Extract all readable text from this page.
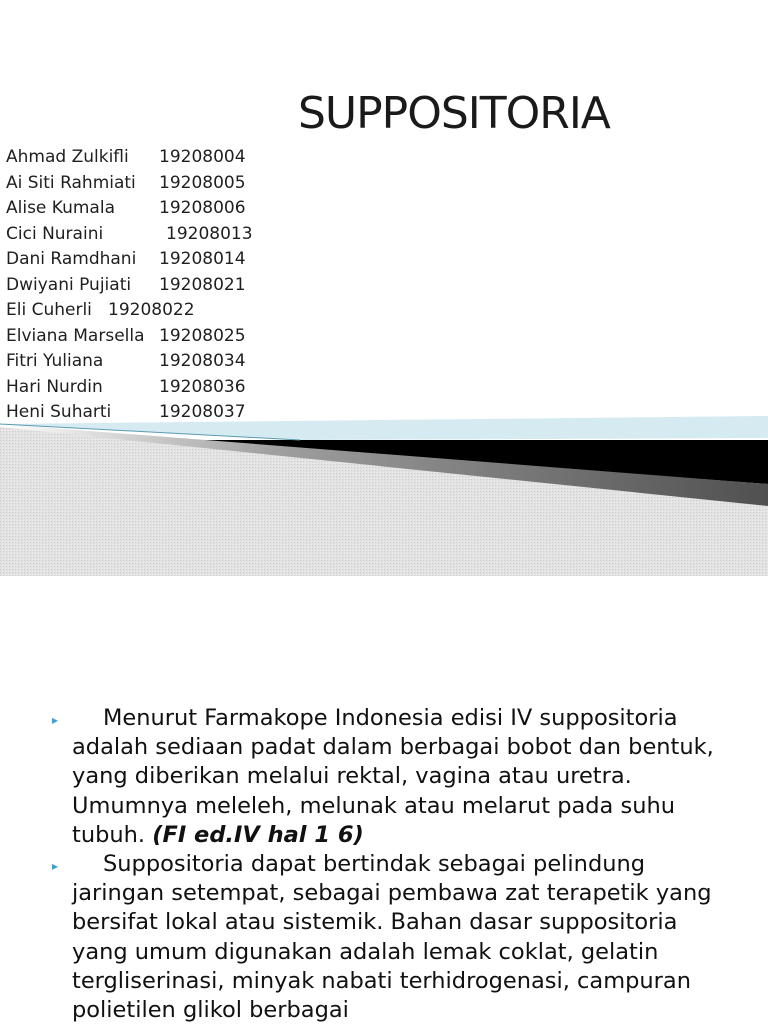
SUPPOSITORIA
Ahmad Zulkifli 19208004
Ai Siti Rahmiati 19208005
Alise Kumala	19208006
Cici Nuraini	19208013
Dani Ramdhani 19208014
Dwiyani Pujiati 19208021
Eli Cuherli 19208022
Elviana Marsella 19208025
Fitri Yuliana	19208034
Hari Nurdin	19208036
Heni Suharti	19208037
▸	Menurut Farmakope Indonesia edisi IV suppositoria adalah sediaan padat dalam berbagai bobot dan bentuk, yang diberikan melalui rektal, vagina atau uretra. Umumnya meleleh, melunak atau melarut pada suhu tubuh. (FI ed.IV hal 1 6)
▸	Suppositoria dapat bertindak sebagai pelindung jaringan setempat, sebagai pembawa zat terapetik yang bersifat lokal atau sistemik. Bahan dasar suppositoria yang umum digunakan adalah lemak coklat, gelatin tergliserinasi, minyak nabati terhidrogenasi, campuran polietilen glikol berbagai
